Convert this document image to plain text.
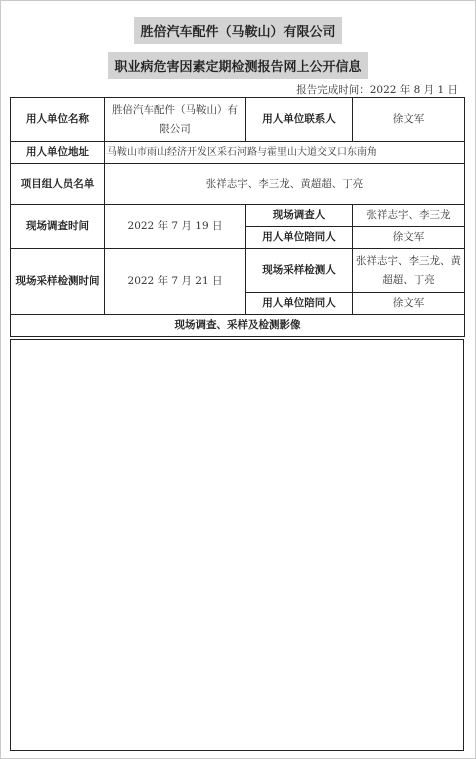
胜倍汽车配件（马鞍山）有限公司
职业病危害因素定期检测报告网上公开信息
报告完成时间：2022 年 8 月 1 日
用人单位名称	胜倍汽车配件（马鞍山）有限公司	用人单位联系人	徐文军
用人单位地址	马鞍山市雨山经济开发区采石河路与霍里山大道交叉口东南角		
项目组人员名单	张祥志宇、李三龙、黄超超、丁亮		
现场调查时间	2022 年 7 月 19 日	现场调查人	张祥志宇、李三龙
		用人单位陪同人	徐文军
现场采样检测时间	2022 年 7 月 21 日	现场采样检测人	张祥志宇、李三龙、黄超超、丁亮
		用人单位陪同人	徐文军
现场调查、采样及检测影像			
